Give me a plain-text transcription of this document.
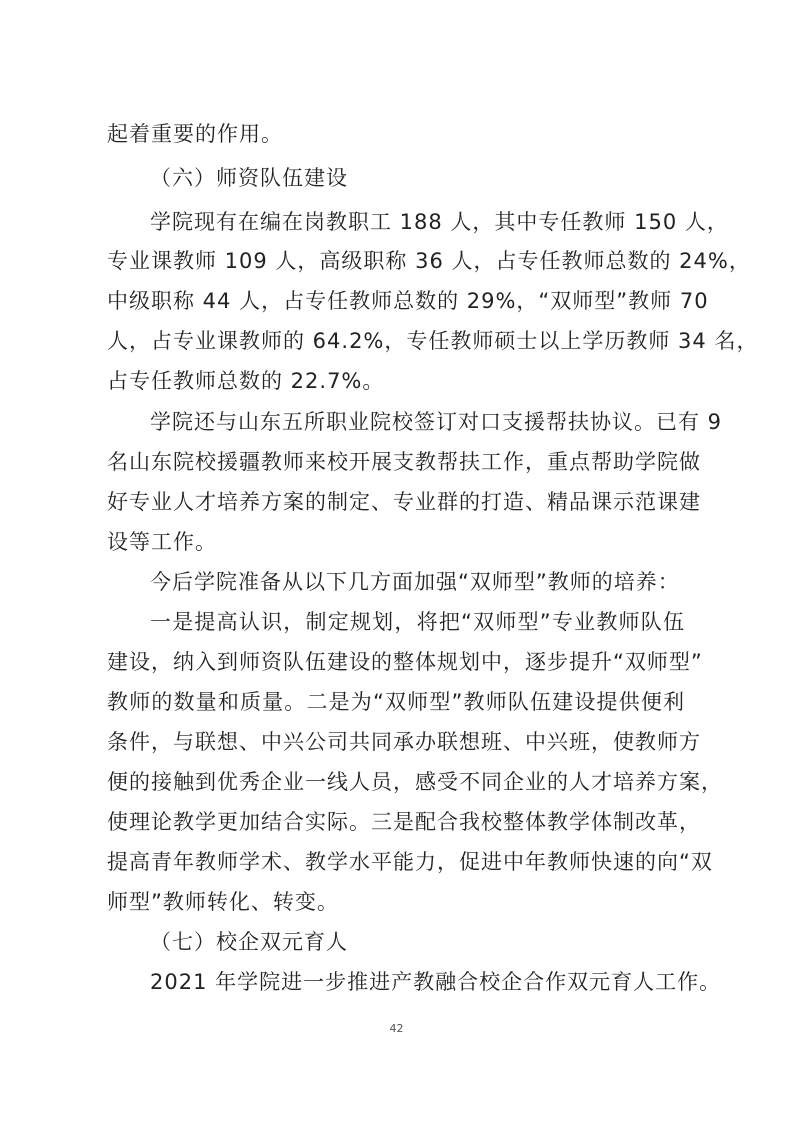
起着重要的作用。
（六）师资队伍建设
学院现有在编在岗教职工 188 人，其中专任教师 150 人，
专业课教师 109 人，高级职称 36 人，占专任教师总数的 24%，
中级职称 44 人，占专任教师总数的 29%，“双师型”教师 70
人，占专业课教师的 64.2%，专任教师硕士以上学历教师 34 名，
占专任教师总数的 22.7%。
学院还与山东五所职业院校签订对口支援帮扶协议。已有 9
名山东院校援疆教师来校开展支教帮扶工作，重点帮助学院做
好专业人才培养方案的制定、专业群的打造、精品课示范课建
设等工作。
今后学院准备从以下几方面加强“双师型”教师的培养：
一是提高认识，制定规划，将把“双师型”专业教师队伍
建设，纳入到师资队伍建设的整体规划中，逐步提升“双师型”
教师的数量和质量。二是为“双师型”教师队伍建设提供便利
条件，与联想、中兴公司共同承办联想班、中兴班，使教师方
便的接触到优秀企业一线人员，感受不同企业的人才培养方案，
使理论教学更加结合实际。三是配合我校整体教学体制改革，
提高青年教师学术、教学水平能力，促进中年教师快速的向“双
师型”教师转化、转变。
（七）校企双元育人
2021 年学院进一步推进产教融合校企合作双元育人工作。
42
